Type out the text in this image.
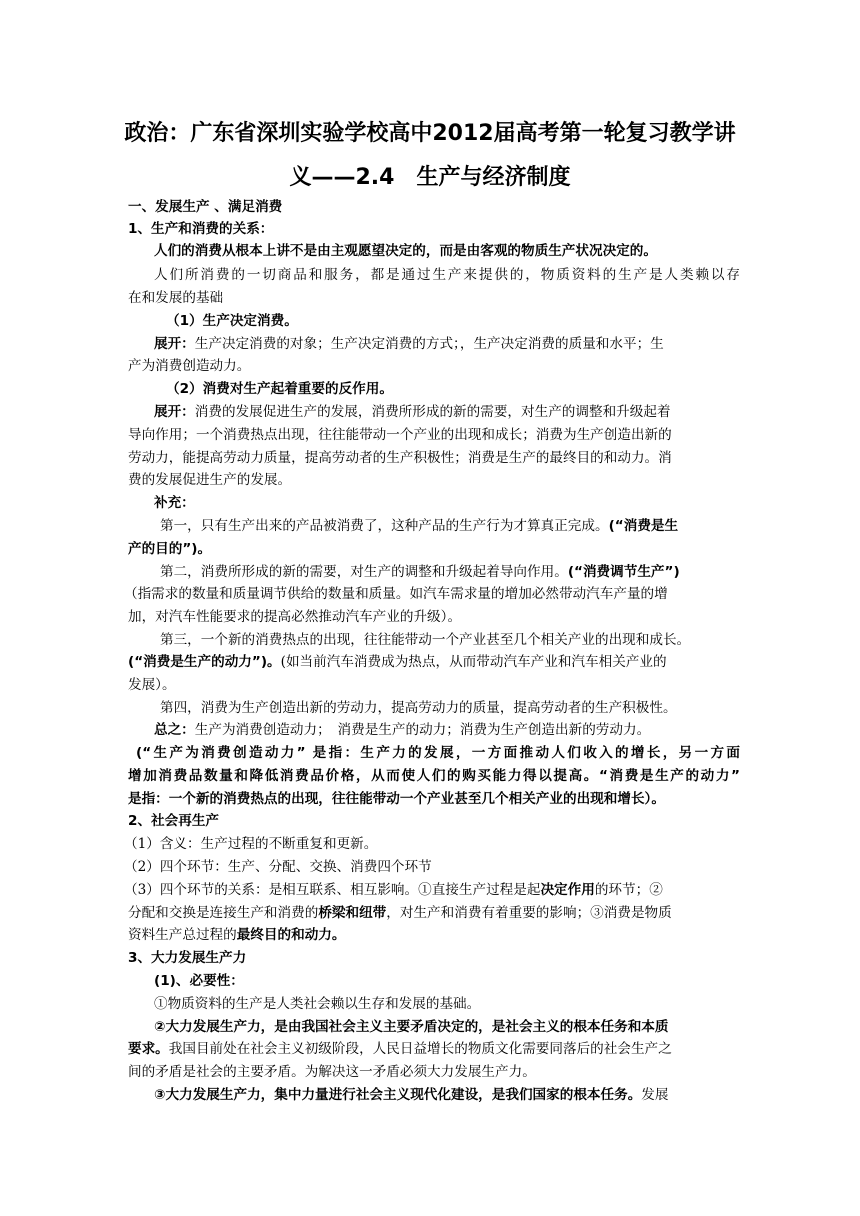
政治：广东省深圳实验学校高中2012届高考第一轮复习教学讲
义——2.4　生产与经济制度
一、发展生产 、满足消费
1、生产和消费的关系：
人们的消费从根本上讲不是由主观愿望决定的，而是由客观的物质生产状况决定的。
人们所消费的一切商品和服务，都是通过生产来提供的，物质资料的生产是人类赖以存
在和发展的基础
（1）生产决定消费。
展开：生产决定消费的对象；生产决定消费的方式；，生产决定消费的质量和水平；生
产为消费创造动力。
（2）消费对生产起着重要的反作用。
展开：消费的发展促进生产的发展，消费所形成的新的需要，对生产的调整和升级起着
导向作用；一个消费热点出现，往往能带动一个产业的出现和成长；消费为生产创造出新的
劳动力，能提高劳动力质量，提高劳动者的生产积极性；消费是生产的最终目的和动力。消
费的发展促进生产的发展。
补充：
第一，只有生产出来的产品被消费了，这种产品的生产行为才算真正完成。(“消费是生
产的目的”)。
第二，消费所形成的新的需要，对生产的调整和升级起着导向作用。(“消费调节生产”)
（指需求的数量和质量调节供给的数量和质量。如汽车需求量的增加必然带动汽车产量的增
加，对汽车性能要求的提高必然推动汽车产业的升级）。
第三，一个新的消费热点的出现，往往能带动一个产业甚至几个相关产业的出现和成长。
(“消费是生产的动力”)。(如当前汽车消费成为热点，从而带动汽车产业和汽车相关产业的
发展）。
第四，消费为生产创造出新的劳动力，提高劳动力的质量，提高劳动者的生产积极性。
总之：生产为消费创造动力；　消费是生产的动力；消费为生产创造出新的劳动力。
(“生产为消费创造动力” 是指：生产力的发展，一方面推动人们收入的增长，另一方面
增加消费品数量和降低消费品价格，从而使人们的购买能力得以提高。“消费是生产的动力”
是指：一个新的消费热点的出现，往往能带动一个产业甚至几个相关产业的出现和增长）。
2、社会再生产
（1）含义：生产过程的不断重复和更新。
（2）四个环节：生产、分配、交换、消费四个环节
（3）四个环节的关系：是相互联系、相互影响。①直接生产过程是起决定作用的环节；②
分配和交换是连接生产和消费的桥梁和纽带，对生产和消费有着重要的影响；③消费是物质
资料生产总过程的最终目的和动力。
3、大力发展生产力
(1)、必要性：
①物质资料的生产是人类社会赖以生存和发展的基础。
②大力发展生产力，是由我国社会主义主要矛盾决定的，是社会主义的根本任务和本质
要求。我国目前处在社会主义初级阶段，人民日益增长的物质文化需要同落后的社会生产之
间的矛盾是社会的主要矛盾。为解决这一矛盾必须大力发展生产力。
③大力发展生产力，集中力量进行社会主义现代化建设，是我们国家的根本任务。发展
